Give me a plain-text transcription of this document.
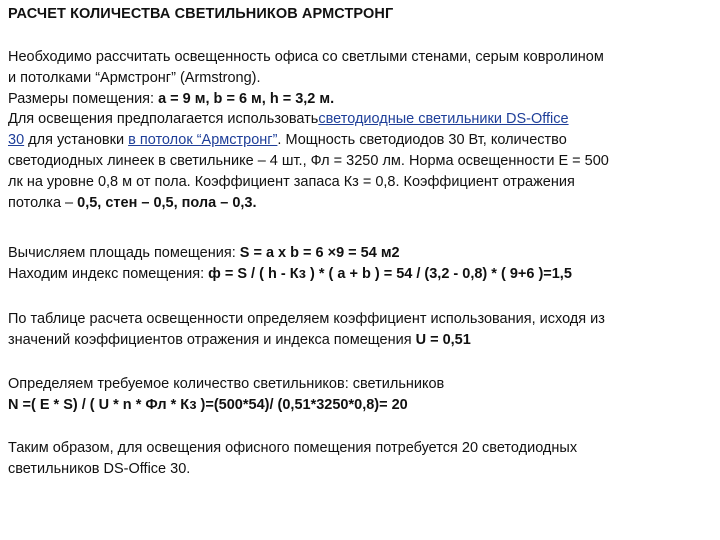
РАСЧЕТ КОЛИЧЕСТВА СВЕТИЛЬНИКОВ АРМСТРОНГ
Необходимо рассчитать освещенность офиса со светлыми стенами, серым ковролином
и потолками “Армстронг” (Armstrong).
Размеры помещения: a = 9 м, b = 6 м, h = 3,2 м.
Для освещения предполагается использоватьсветодиодные светильники DS-Office
30 для установки в потолок “Армстронг”. Мощность светодиодов 30 Вт, количество
светодиодных линеек в светильнике – 4 шт., Фл = 3250 лм. Норма освещенности Е = 500
лк на уровне 0,8 м от пола. Коэффициент запаса Кз = 0,8. Коэффициент отражения
потолка – 0,5, стен – 0,5, пола – 0,3.
Вычисляем площадь помещения: S = а х b = 6 ×9 = 54 м2
Находим индекс помещения: ф = S / ( h - Кз ) * ( a + b ) = 54 / (3,2 - 0,8) * ( 9+6 )=1,5
По таблице расчета освещенности определяем коэффициент использования, исходя из
значений коэффициентов отражения и индекса помещения U = 0,51
Определяем требуемое количество светильников: светильников
N =( E * S) / ( U * n * Фл * Кз )=(500*54)/ (0,51*3250*0,8)= 20
Таким образом, для освещения офисного помещения потребуется 20 светодиодных
светильников DS-Office 30.
